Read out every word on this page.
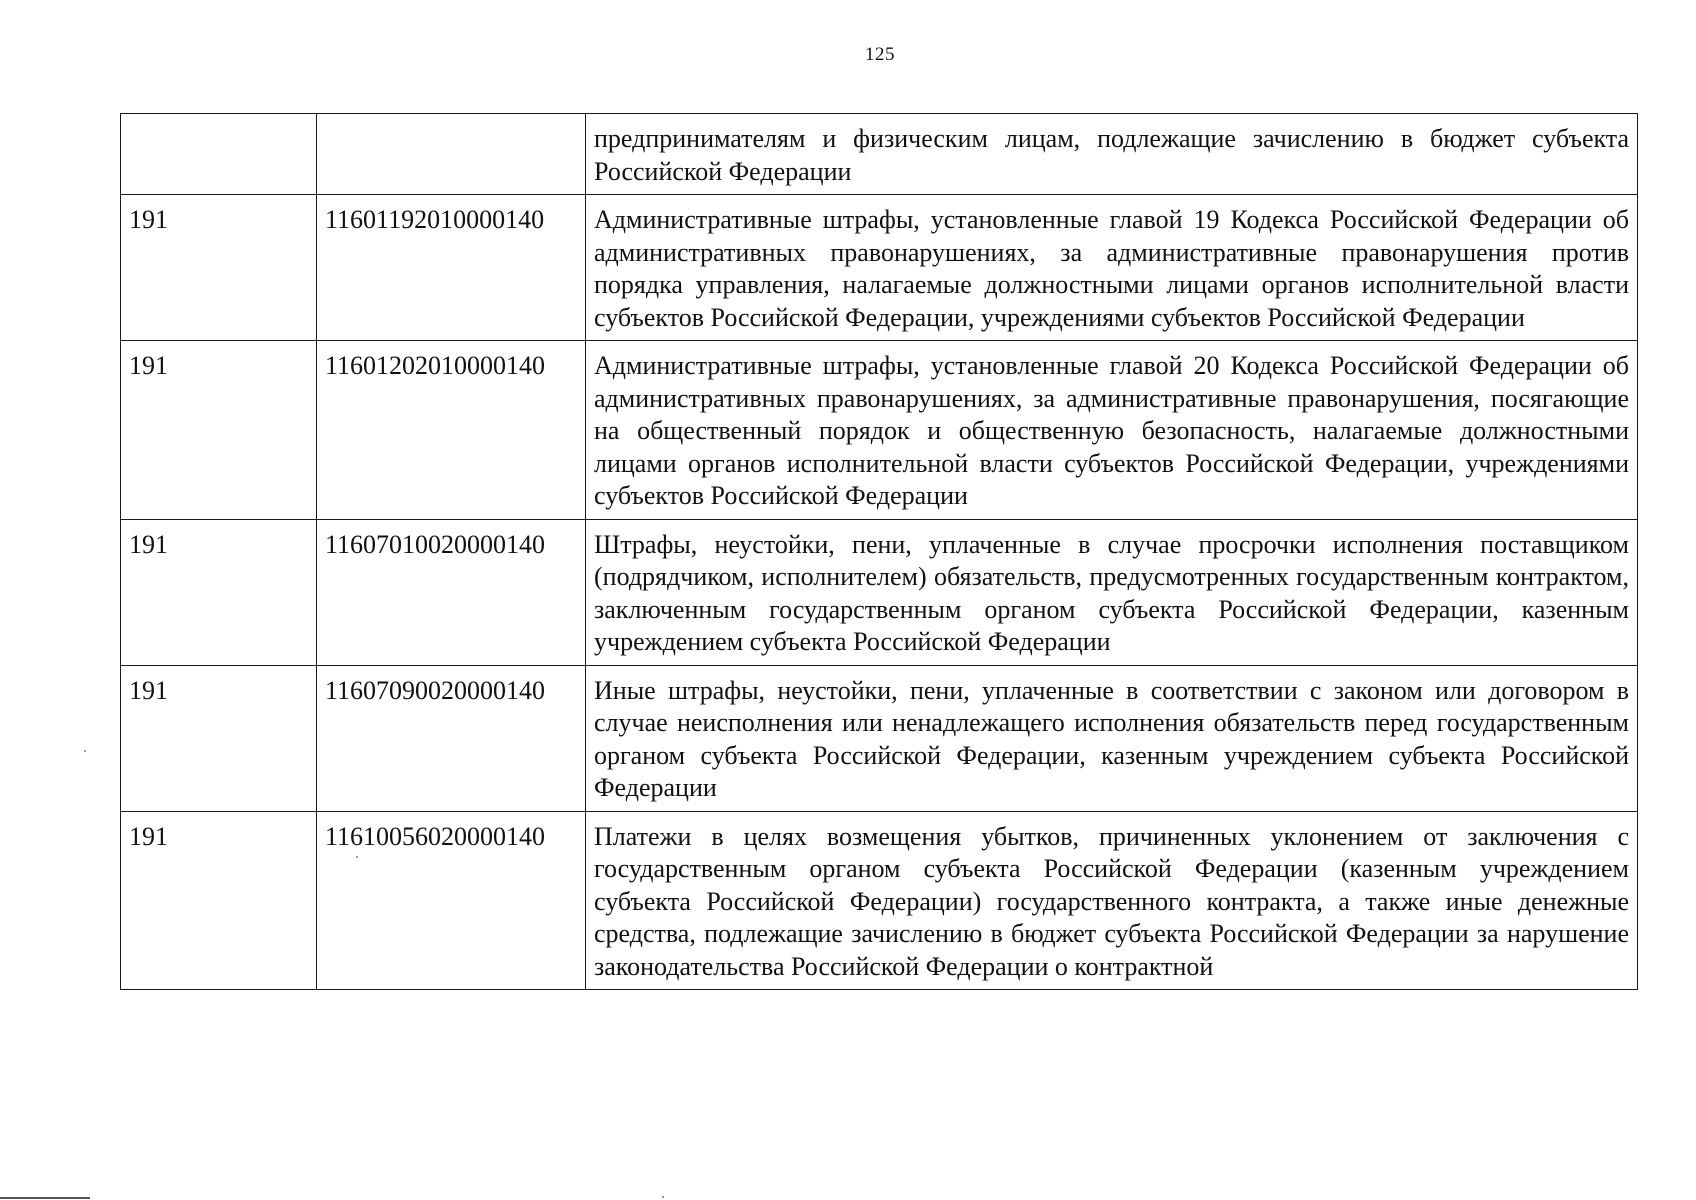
125
		предпринимателям и физическим лицам, подлежащие зачислению в бюджет субъекта Российской Федерации
191	11601192010000140	Административные штрафы, установленные главой 19 Кодекса Российской Федерации об административных правонарушениях, за административные правонарушения против порядка управления, налагаемые должностными лицами органов исполнительной власти субъектов Российской Федерации, учреждениями субъектов Российской Федерации
191	11601202010000140	Административные штрафы, установленные главой 20 Кодекса Российской Федерации об административных правонарушениях, за административные правонарушения, посягающие на общественный порядок и общественную безопасность, налагаемые должностными лицами органов исполнительной власти субъектов Российской Федерации, учреждениями субъектов Российской Федерации
191	11607010020000140	Штрафы, неустойки, пени, уплаченные в случае просрочки исполнения поставщиком (подрядчиком, исполнителем) обязательств, предусмотренных государственным контрактом, заключенным государственным органом субъекта Российской Федерации, казенным учреждением субъекта Российской Федерации
191	11607090020000140	Иные штрафы, неустойки, пени, уплаченные в соответствии с законом или договором в случае неисполнения или ненадлежащего исполнения обязательств перед государственным органом субъекта Российской Федерации, казенным учреждением субъекта Российской Федерации
191	11610056020000140	Платежи в целях возмещения убытков, причиненных уклонением от заключения с государственным органом субъекта Российской Федерации (казенным учреждением субъекта Российской Федерации) государственного контракта, а также иные денежные средства, подлежащие зачислению в бюджет субъекта Российской Федерации за нарушение законодательства Российской Федерации о контрактной
